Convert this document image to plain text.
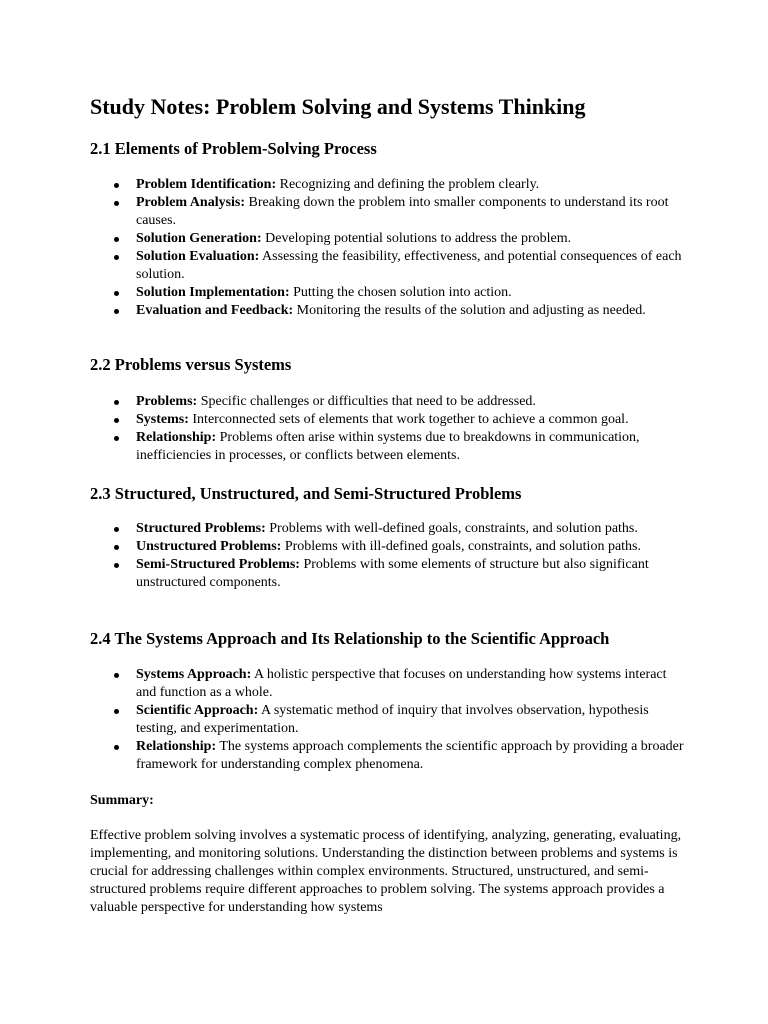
Study Notes: Problem Solving and Systems Thinking
2.1 Elements of Problem-Solving Process
Problem Identification: Recognizing and defining the problem clearly.
Problem Analysis: Breaking down the problem into smaller components to understand its root causes.
Solution Generation: Developing potential solutions to address the problem.
Solution Evaluation: Assessing the feasibility, effectiveness, and potential consequences of each solution.
Solution Implementation: Putting the chosen solution into action.
Evaluation and Feedback: Monitoring the results of the solution and adjusting as needed.
2.2 Problems versus Systems
Problems: Specific challenges or difficulties that need to be addressed.
Systems: Interconnected sets of elements that work together to achieve a common goal.
Relationship: Problems often arise within systems due to breakdowns in communication, inefficiencies in processes, or conflicts between elements.
2.3 Structured, Unstructured, and Semi-Structured Problems
Structured Problems: Problems with well-defined goals, constraints, and solution paths.
Unstructured Problems: Problems with ill-defined goals, constraints, and solution paths.
Semi-Structured Problems: Problems with some elements of structure but also significant unstructured components.
2.4 The Systems Approach and Its Relationship to the Scientific Approach
Systems Approach: A holistic perspective that focuses on understanding how systems interact and function as a whole.
Scientific Approach: A systematic method of inquiry that involves observation, hypothesis testing, and experimentation.
Relationship: The systems approach complements the scientific approach by providing a broader framework for understanding complex phenomena.

Summary:

Effective problem solving involves a systematic process of identifying, analyzing, generating, evaluating, implementing, and monitoring solutions. Understanding the distinction between problems and systems is crucial for addressing challenges within complex environments. Structured, unstructured, and semi-structured problems require different approaches to problem solving. The systems approach provides a valuable perspective for understanding how systems
